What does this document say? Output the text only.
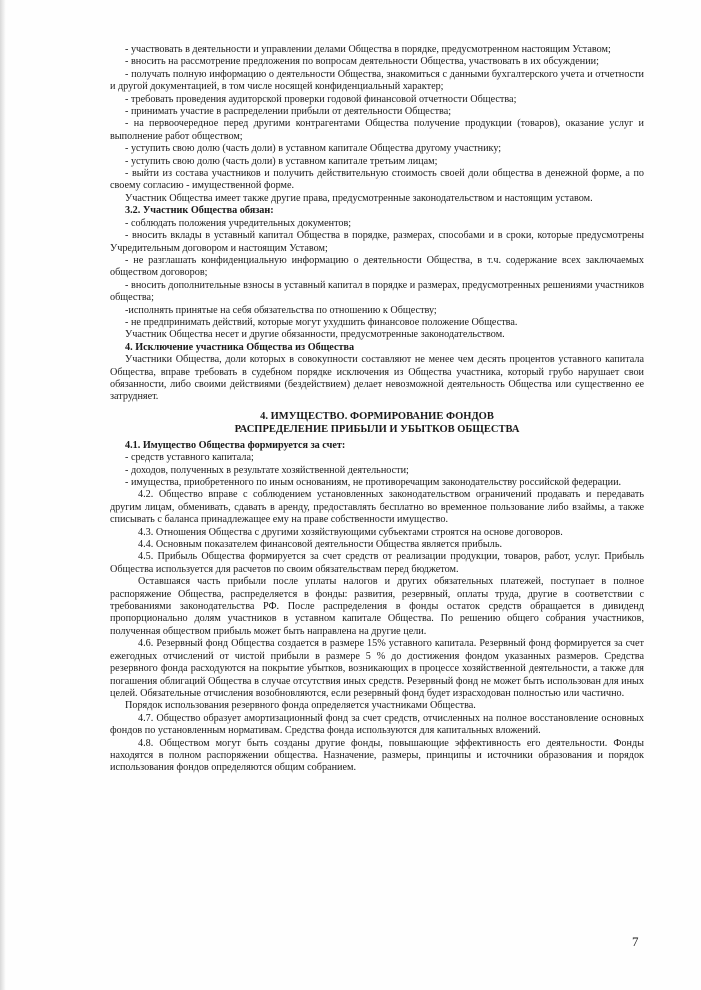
- участвовать в деятельности и управлении делами Общества в порядке, предусмотренном настоящим Уставом;

- вносить на рассмотрение предложения по вопросам деятельности Общества, участвовать в их обсуждении;

- получать полную информацию о деятельности Общества, знакомиться с данными бухгалтерского учета и отчетности и другой документацией, в том числе носящей конфиденциальный характер;

- требовать проведения аудиторской проверки годовой финансовой отчетности Общества;

- принимать участие в распределении прибыли от деятельности Общества;

- на первоочередное перед другими контрагентами Общества получение продукции (товаров), оказание услуг и выполнение работ обществом;

- уступить свою долю (часть доли) в уставном капитале Общества другому участнику;

- уступить свою долю (часть доли) в уставном капитале третьим лицам;

- выйти из состава участников и получить действительную стоимость своей доли общества в денежной форме, а по своему согласию - имущественной форме.

Участник Общества имеет также другие права, предусмотренные законодательством и настоящим уставом.

3.2. Участник Общества обязан:

- соблюдать положения учредительных документов;

- вносить вклады в уставный капитал Общества в порядке, размерах, способами и в сроки, которые предусмотрены Учредительным договором и настоящим Уставом;

- не разглашать конфиденциальную информацию о деятельности Общества, в т.ч. содержание всех заключаемых обществом договоров;

- вносить дополнительные взносы в уставный капитал в порядке и размерах, предусмотренных решениями участников общества;

-исполнять принятые на себя обязательства по отношению к Обществу;

- не предпринимать действий, которые могут ухудшить финансовое положение Общества.

Участник Общества несет и другие обязанности, предусмотренные законодательством.

4. Исключение участника Общества из Общества

Участники Общества, доли которых в совокупности составляют не менее чем десять процентов уставного капитала Общества, вправе требовать в судебном порядке исключения из Общества участника, который грубо нарушает свои обязанности, либо своими действиями (бездействием) делает невозможной деятельность Общества или существенно ее затрудняет.

4. ИМУЩЕСТВО. ФОРМИРОВАНИЕ ФОНДОВ

РАСПРЕДЕЛЕНИЕ ПРИБЫЛИ И УБЫТКОВ ОБЩЕСТВА

4.1. Имущество Общества формируется за счет:

- средств уставного капитала;

- доходов, полученных в результате хозяйственной деятельности;

- имущества, приобретенного по иным основаниям, не противоречащим законодательству российской федерации.

4.2. Общество вправе с соблюдением установленных законодательством ограничений продавать и передавать другим лицам, обменивать, сдавать в аренду, предоставлять бесплатно во временное пользование либо взаймы, а также списывать с баланса принадлежащее ему на праве собственности имущество.

4.3. Отношения Общества с другими хозяйствующими субъектами строятся на основе договоров.

4.4. Основным показателем финансовой деятельности Общества является прибыль.

4.5. Прибыль Общества формируется за счет средств от реализации продукции, товаров, работ, услуг. Прибыль Общества используется для расчетов по своим обязательствам перед бюджетом.

Оставшаяся часть прибыли после уплаты налогов и других обязательных платежей, поступает в полное распоряжение Общества, распределяется в фонды: развития, резервный, оплаты труда, другие в соответствии с требованиями законодательства РФ. После распределения в фонды остаток средств обращается в дивиденд пропорционально долям участников в уставном капитале Общества. По решению общего собрания участников, полученная обществом прибыль может быть направлена на другие цели.

4.6. Резервный фонд Общества создается в размере 15% уставного капитала. Резервный фонд формируется за счет ежегодных отчислений от чистой прибыли в размере 5 % до достижения фондом указанных размеров. Средства резервного фонда расходуются на покрытие убытков, возникающих в процессе хозяйственной деятельности, а также для погашения облигаций Общества в случае отсутствия иных средств. Резервный фонд не может быть использован для иных целей. Обязательные отчисления возобновляются, если резервный фонд будет израсходован полностью или частично.

Порядок использования резервного фонда определяется участниками Общества.

4.7. Общество образует амортизационный фонд за счет средств, отчисленных на полное восстановление основных фондов по установленным нормативам. Средства фонда используются для капитальных вложений.

4.8. Обществом могут быть созданы другие фонды, повышающие эффективность его деятельности. Фонды находятся в полном распоряжении общества. Назначение, размеры, принципы и источники образования и порядок использования фондов определяются общим собранием.

7
